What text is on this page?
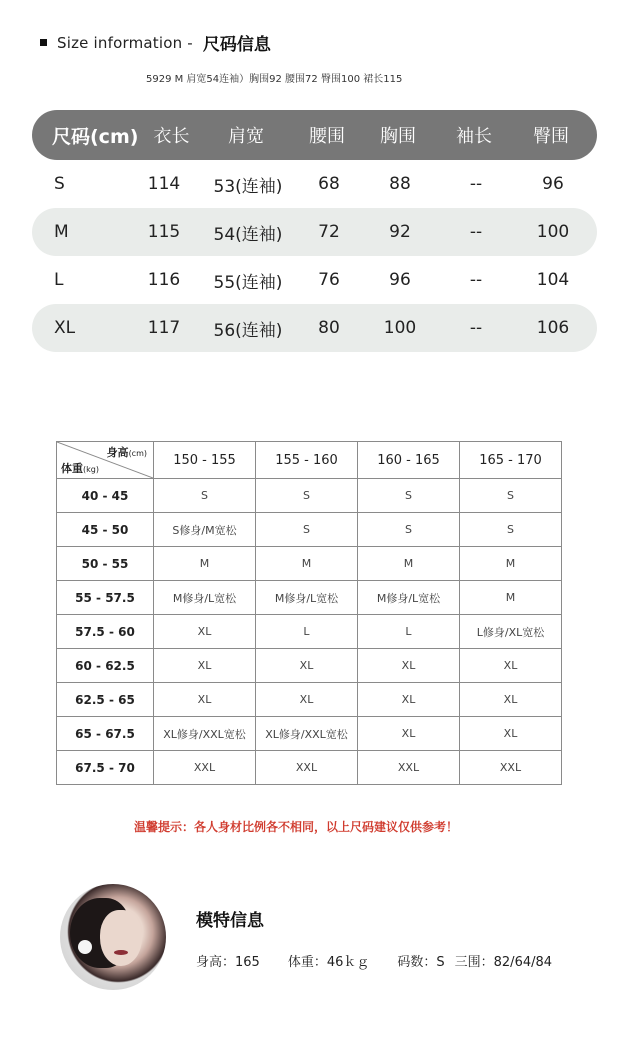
Size information - 尺码信息
5929 M 肩宽54连袖）胸围92 腰围72 臀围100 裙长115
尺码(cm) 衣长	肩宽	腰围	胸围	袖长	臀围
S	114	53(连袖)	68	88	--	96
M	115	54(连袖)	72	92	--	100
L	116	55(连袖)	76	96	--	104
XL	117	56(连袖)	80	100	--	106
身高(cm)
体重(kg)	150 - 155	155 - 160	160 - 165	165 - 170
40 - 45	S	S	S	S
45 - 50	S修身/M宽松	S	S	S
50 - 55	M	M	M	M
55 - 57.5	M修身/L宽松	M修身/L宽松	M修身/L宽松	M
57.5 - 60	XL	L	L	L修身/XL宽松
60 - 62.5	XL	XL	XL	XL
62.5 - 65	XL	XL	XL	XL
65 - 67.5	XL修身/XXL宽松	XL修身/XXL宽松	XL	XL
67.5 - 70	XXL	XXL	XXL	XXL
温馨提示：各人身材比例各不相同，以上尺码建议仅供参考！
模特信息
身高：165 体重：46ｋｇ 码数：S 三围：82/64/84
